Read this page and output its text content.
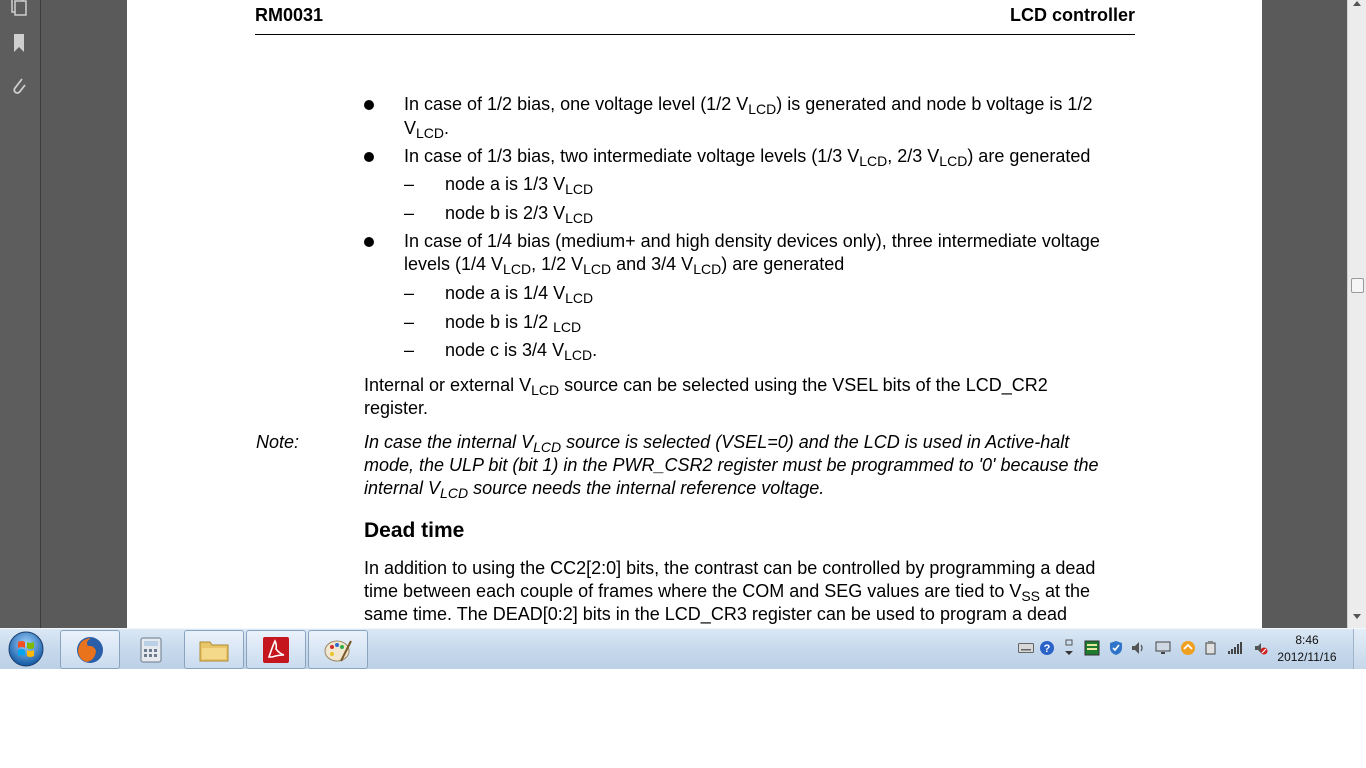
RM0031	LCD controller
In case of 1/2 bias, one voltage level (1/2 $V_{LCD}$) is generated and node b voltage is 1/2
$V_{LCD}$.
In case of 1/3 bias, two intermediate voltage levels (1/3 $V_{LCD}$, 2/3 $V_{LCD}$) are generated
– node a is 1/3 $V_{LCD}$
– node b is 2/3 $V_{LCD}$
In case of 1/4 bias (medium+ and high density devices only), three intermediate voltage
levels (1/4 $V_{LCD}$, 1/2 $V_{LCD}$ and 3/4 $V_{LCD}$) are generated
– node a is 1/4 $V_{LCD}$
– node b is 1/2 $_{LCD}$
– node c is 3/4 $V_{LCD}$.
Internal or external $V_{LCD}$ source can be selected using the VSEL bits of the LCD_CR2
register.
Note:	In case the internal $V_{LCD}$ source is selected (VSEL=0) and the LCD is used in Active-halt
mode, the ULP bit (bit 1) in the PWR_CSR2 register must be programmed to '0' because the
internal $V_{LCD}$ source needs the internal reference voltage.
Dead time
In addition to using the CC2[2:0] bits, the contrast can be controlled by programming a dead
time between each couple of frames where the COM and SEG values are tied to $V_{SS}$ at the
same time. The DEAD[0:2] bits in the LCD_CR3 register can be used to program a dead
?
8:46
2012/11/16
